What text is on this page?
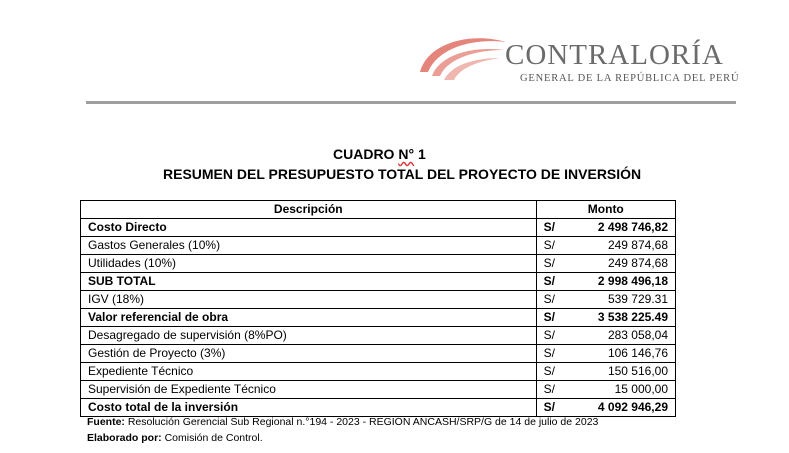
CONTRALORÍA
GENERAL DE LA REPÚBLICA DEL PERÚ
CUADRO N° 1
RESUMEN DEL PRESUPUESTO TOTAL DEL PROYECTO DE INVERSIÓN
Descripción	Monto
Costo Directo	S/ 2 498 746,82

Gastos Generales (10%)	S/ 249 874,68

Utilidades (10%)	S/ 249 874,68

SUB TOTAL	S/ 2 998 496,18

IGV (18%)	S/ 539 729.31

Valor referencial de obra	S/ 3 538 225.49

Desagregado de supervisión (8%PO)	S/ 283 058,04

Gestión de Proyecto (3%)	S/ 106 146,76

Expediente Técnico	S/ 150 516,00

Supervisión de Expediente Técnico	S/ 15 000,00

Costo total de la inversión	S/ 4 092 946,29
Fuente: Resolución Gerencial Sub Regional n.°194 - 2023 - REGIÓN ANCASH/SRP/G de 14 de julio de 2023
Elaborado por: Comisión de Control.
